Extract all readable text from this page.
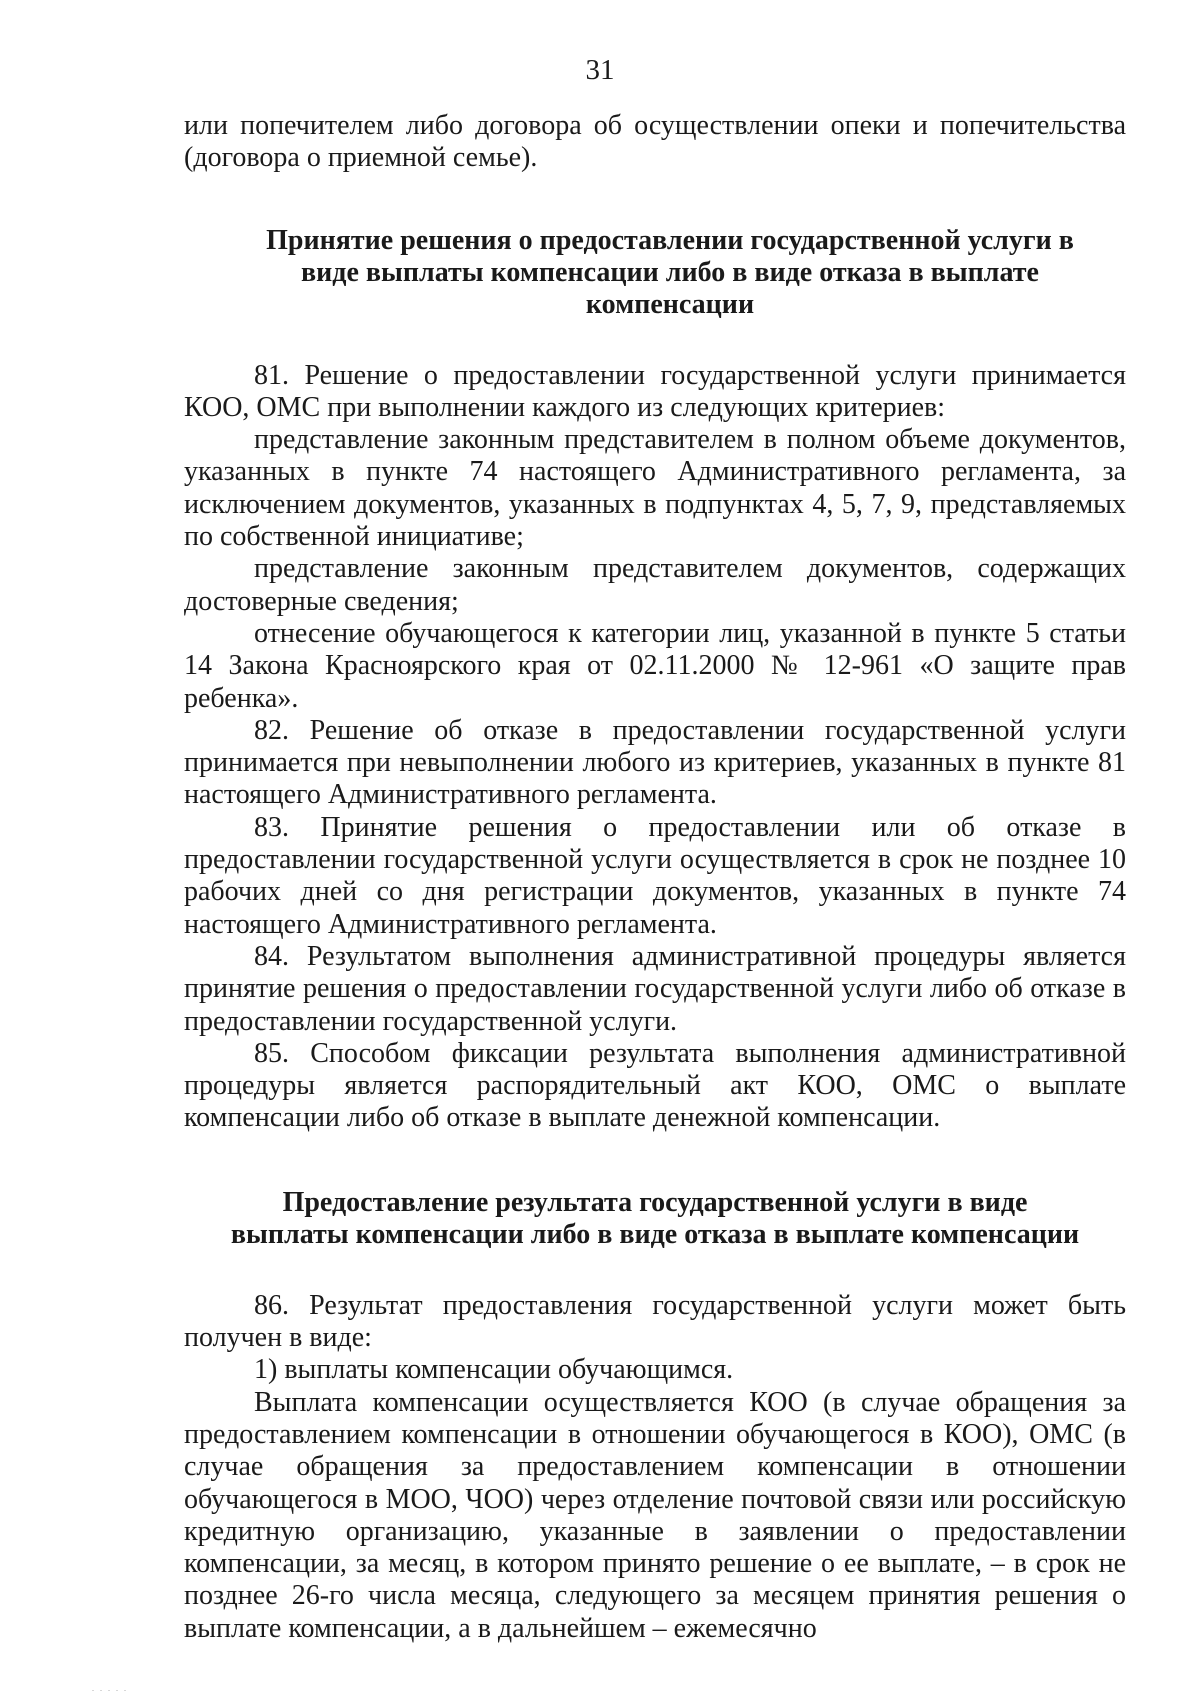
31

или попечителем либо договора об осуществлении опеки и попечительства (договора о приемной семье).

Принятие решения о предоставлении государственной услуги в виде выплаты компенсации либо в виде отказа в выплате компенсации

81. Решение о предоставлении государственной услуги принимается КОО, ОМС при выполнении каждого из следующих критериев:

представление законным представителем в полном объеме документов, указанных в пункте 74 настоящего Административного регламента, за исключением документов, указанных в подпунктах 4, 5, 7, 9, представляемых по собственной инициативе;

представление законным представителем документов, содержащих достоверные сведения;

отнесение обучающегося к категории лиц, указанной в пункте 5 статьи 14 Закона Красноярского края от 02.11.2000 № 12-961 «О защите прав ребенка».

82. Решение об отказе в предоставлении государственной услуги принимается при невыполнении любого из критериев, указанных в пункте 81 настоящего Административного регламента.

83. Принятие решения о предоставлении или об отказе в предоставлении государственной услуги осуществляется в срок не позднее 10 рабочих дней со дня регистрации документов, указанных в пункте 74 настоящего Административного регламента.

84. Результатом выполнения административной процедуры является принятие решения о предоставлении государственной услуги либо об отказе в предоставлении государственной услуги.

85. Способом фиксации результата выполнения административной процедуры является распорядительный акт КОО, ОМС о выплате компенсации либо об отказе в выплате денежной компенсации.

Предоставление результата государственной услуги в виде
выплаты компенсации либо в виде отказа в выплате компенсации

86. Результат предоставления государственной услуги может быть получен в виде:

1) выплаты компенсации обучающимся.

Выплата компенсации осуществляется КОО (в случае обращения за предоставлением компенсации в отношении обучающегося в КОО), ОМС (в случае обращения за предоставлением компенсации в отношении обучающегося в МОО, ЧОО) через отделение почтовой связи или российскую кредитную организацию, указанные в заявлении о предоставлении компенсации, за месяц, в котором принято решение о ее выплате, – в срок не позднее 26-го числа месяца, следующего за месяцем принятия решения о выплате компенсации, а в дальнейшем – ежемесячно

. . . . .
